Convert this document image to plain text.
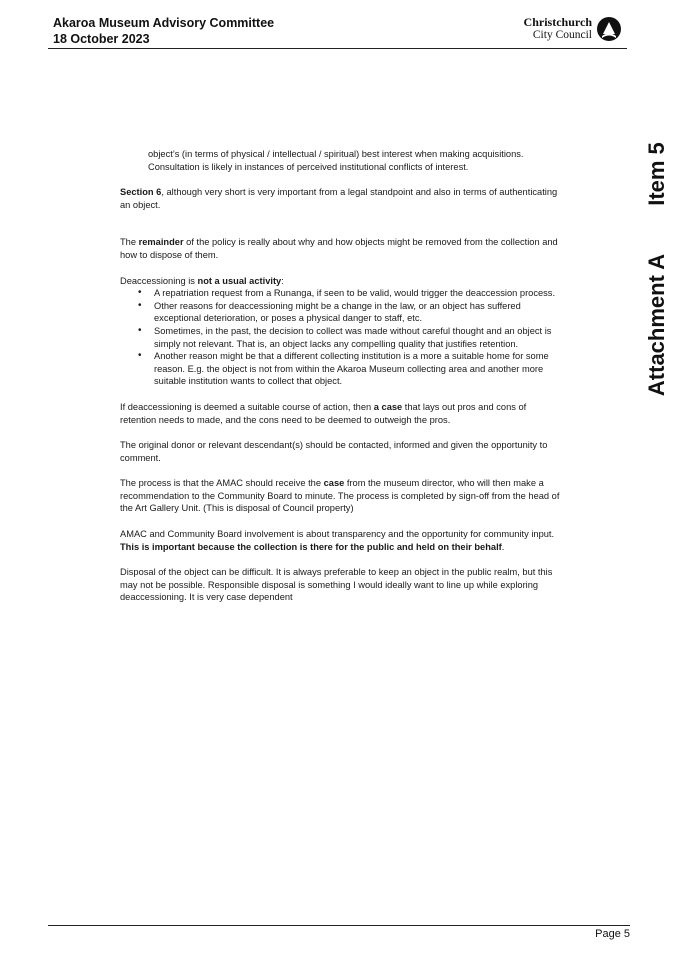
Akaroa Museum Advisory Committee
18 October 2023
Christchurch
City Council
Item 5
Attachment A

object’s (in terms of physical / intellectual / spiritual) best interest when making acquisitions. Consultation is likely in instances of perceived institutional conflicts of interest.

Section 6, although very short is very important from a legal standpoint and also in terms of authenticating an object.

The remainder of the policy is really about why and how objects might be removed from the collection and how to dispose of them.

Deaccessioning is not a usual activity:

• A repatriation request from a Runanga, if seen to be valid, would trigger the deaccession process.
• Other reasons for deaccessioning might be a change in the law, or an object has suffered exceptional deterioration, or poses a physical danger to staff, etc.
• Sometimes, in the past, the decision to collect was made without careful thought and an object is simply not relevant. That is, an object lacks any compelling quality that justifies retention.
• Another reason might be that a different collecting institution is a more a suitable home for some reason. E.g. the object is not from within the Akaroa Museum collecting area and another more suitable institution wants to collect that object.

If deaccessioning is deemed a suitable course of action, then a case that lays out pros and cons of retention needs to made, and the cons need to be deemed to outweigh the pros.

The original donor or relevant descendant(s) should be contacted, informed and given the opportunity to comment.

The process is that the AMAC should receive the case from the museum director, who will then make a recommendation to the Community Board to minute. The process is completed by sign-off from the head of the Art Gallery Unit. (This is disposal of Council property)

AMAC and Community Board involvement is about transparency and the opportunity for community input. This is important because the collection is there for the public and held on their behalf.

Disposal of the object can be difficult. It is always preferable to keep an object in the public realm, but this may not be possible. Responsible disposal is something I would ideally want to line up while exploring deaccessioning. It is very case dependent

Page 5
